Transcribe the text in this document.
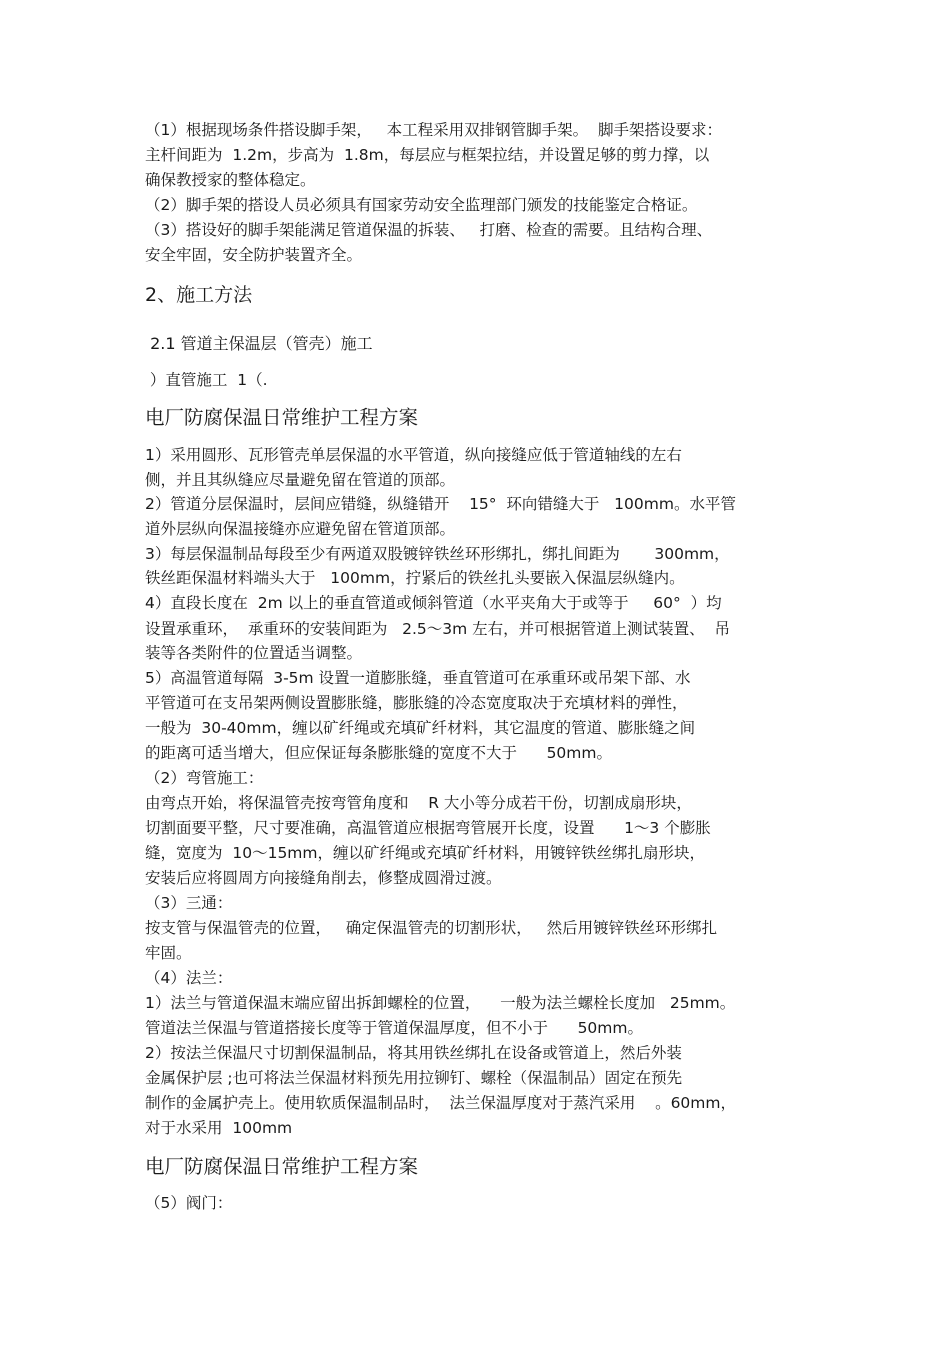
（1）根据现场条件搭设脚手架，   本工程采用双排钢管脚手架。  脚手架搭设要求：
主杆间距为  1.2m，步高为  1.8m，每层应与框架拉结，并设置足够的剪力撑，以
确保教授家的整体稳定。
（2）脚手架的搭设人员必须具有国家劳动安全监理部门颁发的技能鉴定合格证。
（3）搭设好的脚手架能满足管道保温的拆装、   打磨、检查的需要。且结构合理、
安全牢固，安全防护装置齐全。
2、施工方法
2.1 管道主保温层（管壳）施工
）直管施工  1（.
电厂防腐保温日常维护工程方案
1）采用圆形、瓦形管壳单层保温的水平管道，纵向接缝应低于管道轴线的左右
侧，并且其纵缝应尽量避免留在管道的顶部。
2）管道分层保温时，层间应错缝，纵缝错开    15°  环向错缝大于   100mm。水平管
道外层纵向保温接缝亦应避免留在管道顶部。
3）每层保温制品每段至少有两道双股镀锌铁丝环形绑扎，绑扎间距为       300mm，
铁丝距保温材料端头大于   100mm，拧紧后的铁丝扎头要嵌入保温层纵缝内。
4）直段长度在  2m 以上的垂直管道或倾斜管道（水平夹角大于或等于     60°  ）均
设置承重环，  承重环的安装间距为   2.5～3m 左右，并可根据管道上测试装置、  吊
装等各类附件的位置适当调整。
5）高温管道每隔  3-5m 设置一道膨胀缝，垂直管道可在承重环或吊架下部、水
平管道可在支吊架两侧设置膨胀缝，膨胀缝的冷态宽度取决于充填材料的弹性，
一般为  30-40mm，缠以矿纤绳或充填矿纤材料，其它温度的管道、膨胀缝之间
的距离可适当增大，但应保证每条膨胀缝的宽度不大于      50mm。
（2）弯管施工：
由弯点开始，将保温管壳按弯管角度和    R 大小等分成若干份，切割成扇形块，
切割面要平整，尺寸要准确，高温管道应根据弯管展开长度，设置      1～3 个膨胀
缝，宽度为  10～15mm，缠以矿纤绳或充填矿纤材料，用镀锌铁丝绑扎扇形块，
安装后应将圆周方向接缝角削去，修整成圆滑过渡。
（3）三通：
按支管与保温管壳的位置，   确定保温管壳的切割形状，   然后用镀锌铁丝环形绑扎
牢固。
（4）法兰：
1）法兰与管道保温末端应留出拆卸螺栓的位置，    一般为法兰螺栓长度加   25mm。
管道法兰保温与管道搭接长度等于管道保温厚度，但不小于      50mm。
2）按法兰保温尺寸切割保温制品，将其用铁丝绑扎在设备或管道上，然后外装
金属保护层 ;也可将法兰保温材料预先用拉铆钉、螺栓（保温制品）固定在预先
制作的金属护壳上。使用软质保温制品时，  法兰保温厚度对于蒸汽采用    。60mm，
对于水采用  100mm
电厂防腐保温日常维护工程方案
（5）阀门：
